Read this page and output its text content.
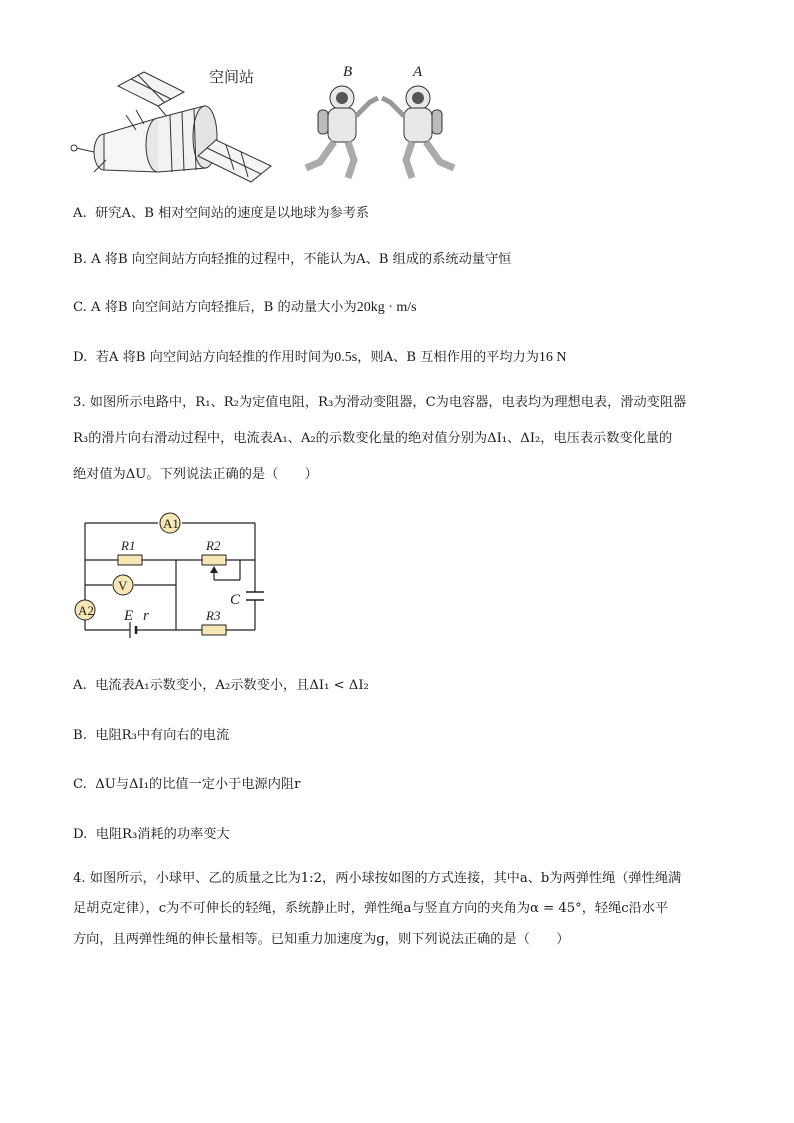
空间站	B	A
A. 研究A、B 相对空间站的速度是以地球为参考系
B. A 将B 向空间站方向轻推的过程中，不能认为A、B 组成的系统动量守恒
C. A 将B 向空间站方向轻推后，B 的动量大小为20kg · m/s
D. 若A 将B 向空间站方向轻推的作用时间为0.5s，则A、B 互相作用的平均力为16 N
3. 如图所示电路中，R₁、R₂为定值电阻，R₃为滑动变阻器，C为电容器，电表均为理想电表，滑动变阻器
R₃的滑片向右滑动过程中，电流表A₁、A₂的示数变化量的绝对值分别为ΔI₁、ΔI₂，电压表示数变化量的
绝对值为ΔU。下列说法正确的是（　　）
A1
V
A2
R1	R2
R3
C
E r
A. 电流表A₁示数变小，A₂示数变小，且ΔI₁ < ΔI₂
B. 电阻R₃中有向右的电流
C. ΔU与ΔI₁的比值一定小于电源内阻r
D. 电阻R₃消耗的功率变大
4. 如图所示，小球甲、乙的质量之比为1:2，两小球按如图的方式连接，其中a、b为两弹性绳（弹性绳满
足胡克定律），c为不可伸长的轻绳，系统静止时，弹性绳a与竖直方向的夹角为α = 45°，轻绳c沿水平
方向，且两弹性绳的伸长量相等。已知重力加速度为g，则下列说法正确的是（　　）
